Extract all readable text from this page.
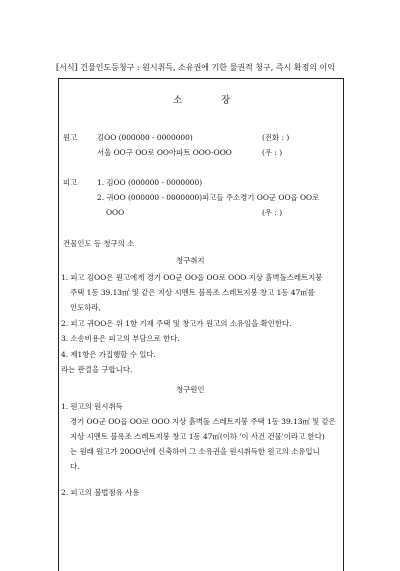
[서식] 건물인도등청구 : 원시취득, 소유권에 기한 물권적 청구, 즉시 확정의 이익
소	장
원고	김OO (000000 - 0000000)	(전화 : )
서울 OO구 OO로 OO아파트 OOO-OOO	(우 : )
피고	1. 김OO (000000 - 0000000)
2. 귀OO (000000 - 0000000)피고들 주소경기 OO군 OO읍 OO로
OOO	(우 : )
건물인도 등 청구의 소
청구취지
1. 피고 김OO은 원고에게 경기 OO군 OO읍 OO로 OOO 지상 흙벽돌스레트지붕
주택 1동 39.13㎡ 및 같은 지상 시멘트 블록조 스레트지붕 창고 1동 47㎡를
인도하라,
2. 피고 귀OO은 위 1항 기재 주택 및 창고가 원고의 소유임을 확인한다.
3. 소송비용은 피고의 부담으로 한다.
4. 제1항은 가집행할 수 있다.
라는 판결을 구합니다.
청구원인
1. 원고의 원시취득
경기 OO군 OO읍 OO로 OOO 지상 흙벽돌 스레트지붕 주택 1동 39.13㎡ 및 같은
지상 시멘트 블록조 스레트지붕 창고 1동 47㎡(이하 '이 사건 건물'이라고 한다)
는 원래 원고가 20OO년에 신축하여 그 소유권을 원시취득한 원고의 소유입니
다.
2. 피고의 불법점유 사용
